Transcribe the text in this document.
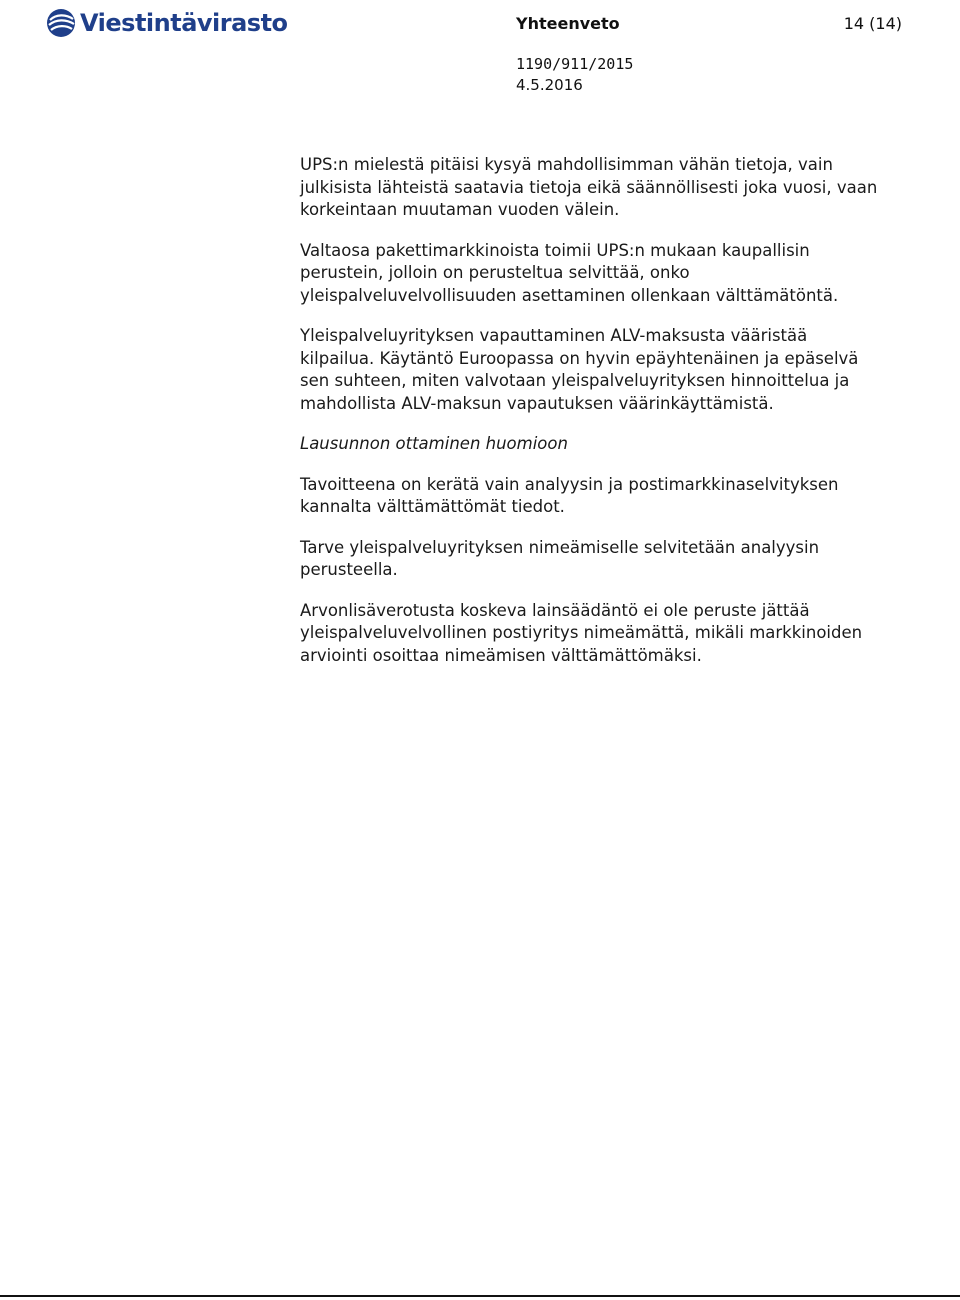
Viestintävirasto	Yhteenveto	14 (14)
1190/911/2015
4.5.2016

UPS:n mielestä pitäisi kysyä mahdollisimman vähän tietoja, vain julkisista lähteistä saatavia tietoja eikä säännöllisesti joka vuosi, vaan korkeintaan muutaman vuoden välein.

Valtaosa pakettimarkkinoista toimii UPS:n mukaan kaupallisin perustein, jolloin on perusteltua selvittää, onko yleispalveluvelvollisuuden asettaminen ollenkaan välttämätöntä.

Yleispalveluyrityksen vapauttaminen ALV-maksusta vääristää kilpailua. Käytäntö Euroopassa on hyvin epäyhtenäinen ja epäselvä sen suhteen, miten valvotaan yleispalveluyrityksen hinnoittelua ja mahdollista ALV-maksun vapautuksen väärinkäyttämistä.

Lausunnon ottaminen huomioon

Tavoitteena on kerätä vain analyysin ja postimarkkinaselvityksen kannalta välttämättömät tiedot.

Tarve yleispalveluyrityksen nimeämiselle selvitetään analyysin perusteella.

Arvonlisäverotusta koskeva lainsäädäntö ei ole peruste jättää yleispalveluvelvollinen postiyritys nimeämättä, mikäli markkinoiden arviointi osoittaa nimeämisen välttämättömäksi.
